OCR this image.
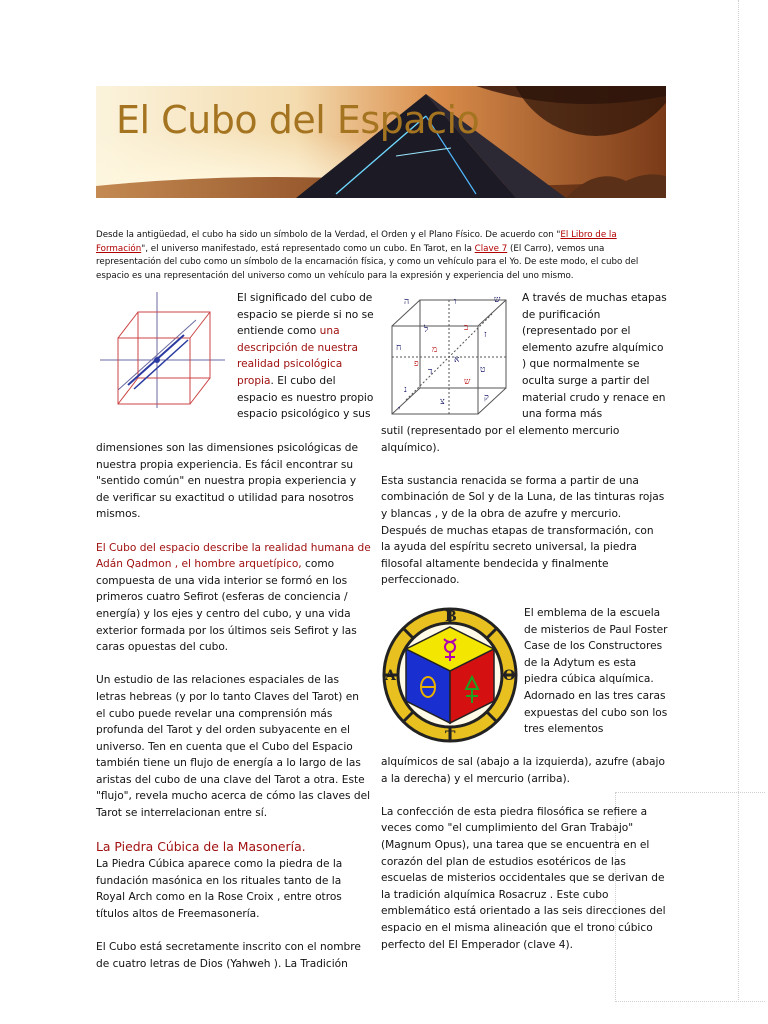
El Cubo del Espacio
Desde la antigüedad, el cubo ha sido un símbolo de la Verdad, el Orden y el Plano Físico. De acuerdo con "El Libro de la Formación", el universo manifestado, está representado como un cubo. En Tarot, en la Clave 7 (El Carro), vemos una representación del cubo como un símbolo de la encarnación física, y como un vehículo para el Yo. De este modo, el cubo del espacio es una representación del universo como un vehículo para la expresión y experiencia del uno mismo.
El significado del cubo de espacio se pierde si no se entiende como una descripción de nuestra realidad psicológica propia. El cubo del espacio es nuestro propio espacio psicológico y sus

dimensiones son las dimensiones psicológicas de nuestra propia experiencia. Es fácil encontrar su "sentido común" en nuestra propia experiencia y de verificar su exactitud o utilidad para nosotros mismos.

El Cubo del espacio describe la realidad humana de Adán Qadmon , el hombre arquetípico, como compuesta de una vida interior se formó en los primeros cuatro Sefirot (esferas de conciencia / energía) y los ejes y centro del cubo, y una vida exterior formada por los últimos seis Sefirot y las caras opuestas del cubo.

Un estudio de las relaciones espaciales de las letras hebreas (y por lo tanto Claves del Tarot) en el cubo puede revelar una comprensión más profunda del Tarot y del orden subyacente en el universo. Ten en cuenta que el Cubo del Espacio también tiene un flujo de energía a lo largo de las aristas del cubo de una clave del Tarot a otra. Este "flujo", revela mucho acerca de cómo las claves del Tarot se interrelacionan entre sí.

La Piedra Cúbica de la Masonería.

La Piedra Cúbica aparece como la piedra de la fundación masónica en los rituales tanto de la Royal Arch como en la Rose Croix , entre otros títulos altos de Freemasonería.

El Cubo está secretamente inscrito con el nombre de cuatro letras de Dios (Yahweh ). La Tradición

ה	ו	ש
ל
ח
ז
א
ד	ט
נ
צ	ק
י
ב
מ
ש
פ
A través de muchas etapas de purificación (representado por el elemento azufre alquímico ) que normalmente se oculta surge a partir del material crudo y renace en una forma más

sutil (representado por el elemento mercurio alquímico).

Esta sustancia renacida se forma a partir de una combinación de Sol y de la Luna, de las tinturas rojas y blancas , y de la obra de azufre y mercurio. Después de muchas etapas de transformación, con la ayuda del espíritu secreto universal, la piedra filosofal altamente bendecida y finalmente perfeccionado.

B
A	O
T
El emblema de la escuela de misterios de Paul Foster Case de los Constructores de la Adytum es esta piedra cúbica alquímica. Adornado en las tres caras expuestas del cubo son los tres elementos

alquímicos de sal (abajo a la izquierda), azufre (abajo a la derecha) y el mercurio (arriba).

La confección de esta piedra filosófica se refiere a veces como "el cumplimiento del Gran Trabajo" (Magnum Opus), una tarea que se encuentra en el corazón del plan de estudios esotéricos de las escuelas de misterios occidentales que se derivan de la tradición alquímica Rosacruz . Este cubo emblemático está orientado a las seis direcciones del espacio en el misma alineación que el trono cúbico perfecto del El Emperador (clave 4).
